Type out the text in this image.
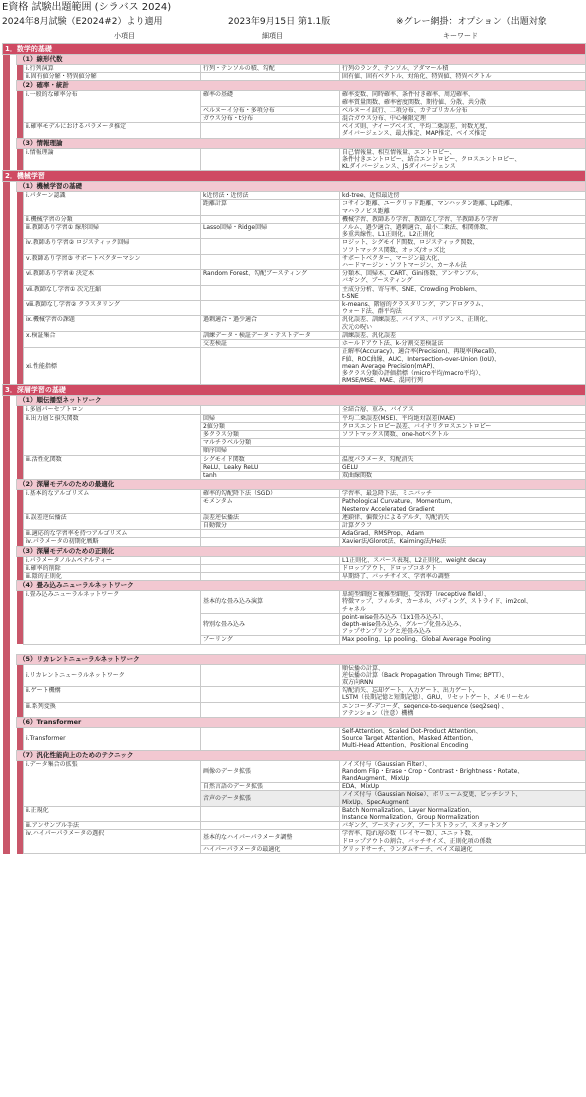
E資格 試験出題範囲 (シラバス 2024)
2024年8月試験（E2024#2）より適用	2023年9月15日 第1.1版	※グレー網掛：オプション（出題対象
小項目	細項目	キーワード
1．数学的基礎					
		（1）線形代数			
			ⅰ.行列演算	行列・テンソルの積、勾配	行列のランク、テンソル、アダマール積
			ⅱ.固有値分解・特異値分解		固有値、固有ベクトル、対角化、特異値、特異ベクトル
		（2）確率・統計			
			ⅰ.一般的な確率分布	確率の基礎	確率変数、同時確率、条件付き確率、周辺確率、
確率質量関数、確率密度関数、期待値、分散、共分散

				ベルヌーイ分布・多項分布	ベルヌーイ試行、二項分布、カテゴリカル分布
				ガウス分布・t分布	混合ガウス分布、中心極限定理
			ⅱ.確率モデルにおけるパラメータ推定		ベイズ則、ナイーブベイズ、平均二乗誤差、対数尤度、
ダイバージェンス、最大推定、MAP推定、ベイズ推定

		（3）情報理論			
			ⅰ.情報理論		自己情報量、相互情報量、エントロピー、
条件付きエントロピー、結合エントロピー、クロスエントロピー、
KLダイバージェンス、JSダイバージェンス

2．機械学習					
		（1）機械学習の基礎			
			ⅰ.パターン認識	k近傍法・近傍法	kd-tree、近似最近傍
				距離計算	コサイン距離、ユークリッド距離、マンハッタン距離、Lp距離、
マハラノビス距離

			ⅱ.機械学習の分類		機械学習、教師あり学習、教師なし学習、半教師あり学習
			ⅲ.教師あり学習① 線形回帰	Lasso回帰・Ridge回帰	ノルム、過少適合、過剰適合、最小二乗法、相関係数、
多重共線性、L1正則化、L2正則化

			ⅳ.教師あり学習② ロジスティック回帰		ロジット、シグモイド関数、ロジスティック関数、
ソフトマックス関数、オッズ/オッズ比

			ⅴ.教師あり学習③ サポートベクターマシン		サポートベクター、マージン最大化、
ハードマージン・ソフトマージン、カーネル法

			ⅵ.教師あり学習④ 決定木	Random Forest、勾配ブースティング	分類木、回帰木、CART、Gini係数、アンサンブル、
バギング、ブースティング

			ⅶ.教師なし学習① 次元圧縮		主成分分析、寄与率、SNE、Crowding Problem、
t-SNE

			ⅷ.教師なし学習② クラスタリング		k-means、階層的クラスタリング、デンドログラム、
ウォード法、群平均法

			ⅸ.機械学習の課題	過剰適合・過少適合	汎化誤差、訓練誤差、バイアス、バリアンス、正則化、
次元の呪い

			ⅹ.検証集合	訓練データ・検証データ・テストデータ	訓練誤差、汎化誤差
				交差検証	ホールドアウト法、k-分割交差検証法
			ⅺ.性能指標		正解率(Accuracy)、適合率(Precision)、再現率(Recall)、
F値、ROC曲線、AUC、Intersection-over-Union (IoU)、
mean Average Precision(mAP)、
多クラス分類の評価指標（micro平均/macro平均）、
RMSE/MSE、MAE、混同行列

3．深層学習の基礎					
		（1）順伝播型ネットワーク			
			ⅰ.多層パーセプトロン		全結合層、重み、バイアス
			ⅱ.出力層と損失関数	回帰	平均二乗誤差(MSE)、平均絶対誤差(MAE)
				2値分類	クロスエントロピー誤差、バイナリクロスエントロピー
				多クラス分類	ソフトマックス関数、one-hotベクトル
				マルチラベル分類	
				順序回帰	
			ⅲ.活性化関数	シグモイド関数	温度パラメータ、勾配消失
				ReLU、Leaky ReLU	GELU
				tanh	双曲線関数
		（2）深層モデルのための最適化			
			ⅰ.基本的なアルゴリズム	確率的勾配降下法（SGD）	学習率、最急降下法、ミニバッチ
				モメンタム	Pathological Curvature、Momentum、
Nesterov Accelerated Gradient

			ⅱ.誤差逆伝播法	誤差逆伝播法	連鎖律、偏微分によるデルタ、勾配消失
				自動微分	計算グラフ
			ⅲ.適応的な学習率を持つアルゴリズム		AdaGrad、RMSProp、Adam
			ⅳ.パラメータの初期化戦略		Xavier法/Glorot法、Kaiming法/He法
		（3）深層モデルのための正則化			
			ⅰ.パラメータノルムペナルティー		L1正則化、スパース表現、L2正則化、weight decay
			ⅱ.確率的削除		ドロップアウト、ドロップコネクト
			ⅲ.陰的正則化		早期終了、バッチサイズ、学習率の調整
		（4）畳み込みニューラルネットワーク			
			ⅰ.畳み込みニューラルネットワーク	基本的な畳み込み演算	単純型細胞と複雑型細胞、受容野（receptive field）、
特徴マップ、フィルタ、カーネル、パディング、ストライド、im2col、
チャネル

				特別な畳み込み	point-wise畳み込み（1x1畳み込み）、
depth-wise畳み込み、グループ化畳み込み、
アップサンプリングと逆畳み込み

				プーリング	Max pooling、Lp pooling、Global Average Pooling

		（5）リカレントニューラルネットワーク			
			ⅰ.リカレントニューラルネットワーク		順伝播の計算、
逆伝播の計算（Back Propagation Through Time; BPTT）、
双方向RNN

			ⅱ.ゲート機構		勾配消失、忘却ゲート、入力ゲート、出力ゲート、
LSTM（長期記憶と短期記憶）、GRU、リセットゲート、メモリーセル

			ⅲ.系列変換		エンコーダ-デコーダ、seqence-to-sequence (seq2seq) 、
アテンション（注意）機構

		（6）Transformer			
			ⅰ.Transformer		Self-Attention、Scaled Dot-Product Attention、
Source Target Attention、Masked Attention、
Multi-Head Attention、Positional Encoding

		（7）汎化性能向上のためのテクニック			
			ⅰ.データ集合の拡張	画像のデータ拡張	ノイズ付与（Gaussian Filter）、
Random Flip・Erase・Crop・Contrast・Brightness・Rotate、
RandAugment、MixUp

				自然言語のデータ拡張	EDA、MixUp
				音声のデータ拡張	ノイズ付与（Gaussian Noise）、ボリューム変更、ピッチシフト、
MixUp、SpecAugment

			ⅱ.正規化		Batch Normalization、Layer Normalization、
Instance Normalization、Group Normalization

			ⅲ.アンサンブル手法		バギング、ブースティング、ブートストラップ、スタッキング
			ⅳ.ハイパーパラメータの選択	基本的なハイパーパラメータ調整	学習率、隠れ層の数（レイヤー数）、ユニット数、
ドロップアウトの割合、バッチサイズ、正則化項の係数

				ハイパーパラメータの最適化	グリッドサーチ、ランダムサーチ、ベイズ最適化
